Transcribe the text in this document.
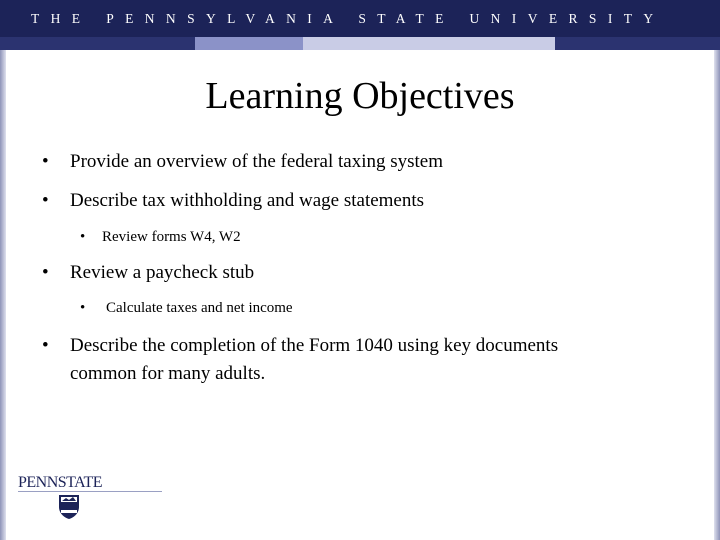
THE PENNSYLVANIA STATE UNIVERSITY
Learning Objectives
• Provide an overview of the federal taxing system
• Describe tax withholding and wage statements
• Review forms W4, W2
• Review a paycheck stub
• Calculate taxes and net income
• Describe the completion of the Form 1040 using key documents
common for many adults.
PENNSTATE
